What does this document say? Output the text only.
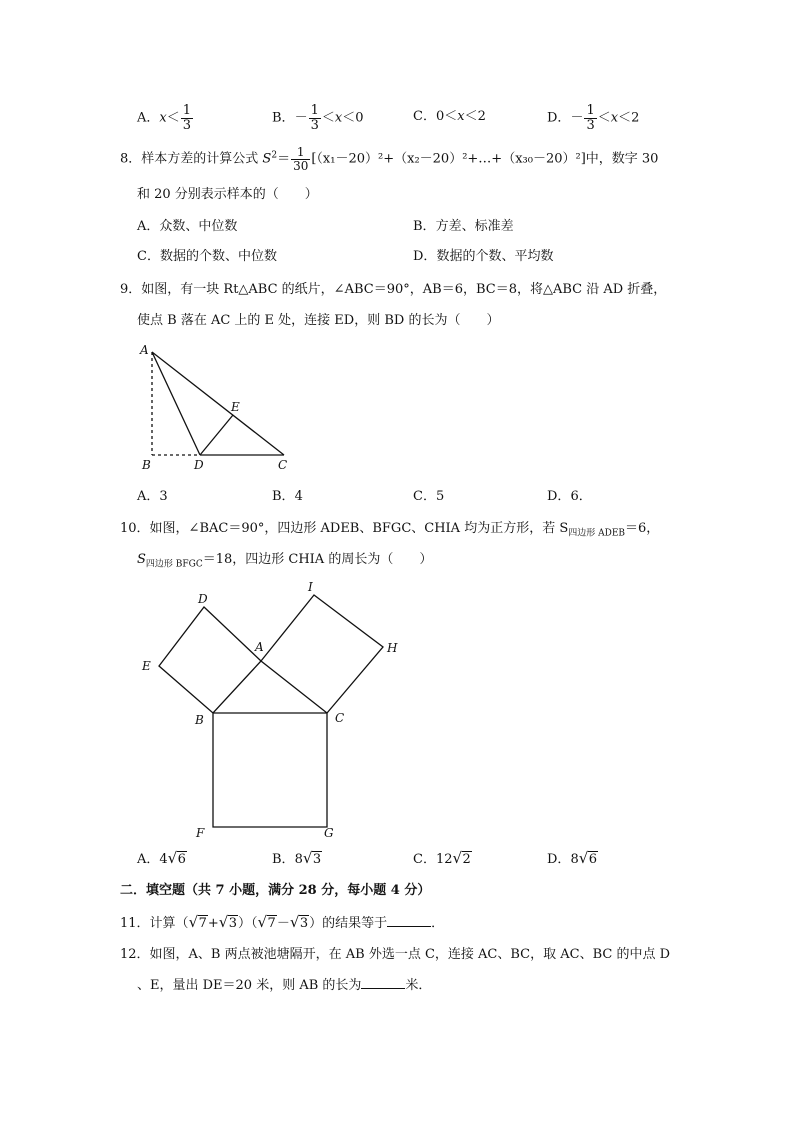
A．$x< \frac{1}{3}$	B．－ $\frac{1}{3} <x<0$	C．0＜x＜2	D．－ $\frac{1}{3} <x<2$
8．样本方差的计算公式 $S^2= \frac{1}{30}$ [（x₁－20）²+（x₂－20）²+…+（x₃₀－20）²]中，数字 30
和 20 分别表示样本的（　　）
A．众数、中位数	B．方差、标准差
C．数据的个数、中位数	D．数据的个数、平均数
9．如图，有一块 Rt△ABC 的纸片，∠ABC＝90°，AB＝6，BC＝8，将△ABC 沿 AD 折叠，
使点 B 落在 AC 上的 E 处，连接 ED，则 BD 的长为（　　）
A
B	C
D
E
A．3	B．4	C．5	D．6．
10．如图，∠BAC＝90°，四边形 ADEB、BFGC、CHIA 均为正方形，若 $S_{四边形 ADEB}=6$，
$S_{四边形 BFGC}=18$，四边形 CHIA 的周长为（　　）
D
E
A
I
H
B	C
F	G
A．4 √ 6	B．8 √ 3	C．12 √ 2	D．8 √ 6
二．填空题（共 7 小题，满分 28 分，每小题 4 分）
11．计算（ √ 7+ √ 3）（ √ 7－ √ 3）的结果等于	．
12．如图，A、B 两点被池塘隔开，在 AB 外选一点 C，连接 AC、BC，取 AC、BC 的中点 D
、E，量出 DE＝20 米，则 AB 的长为	米．
